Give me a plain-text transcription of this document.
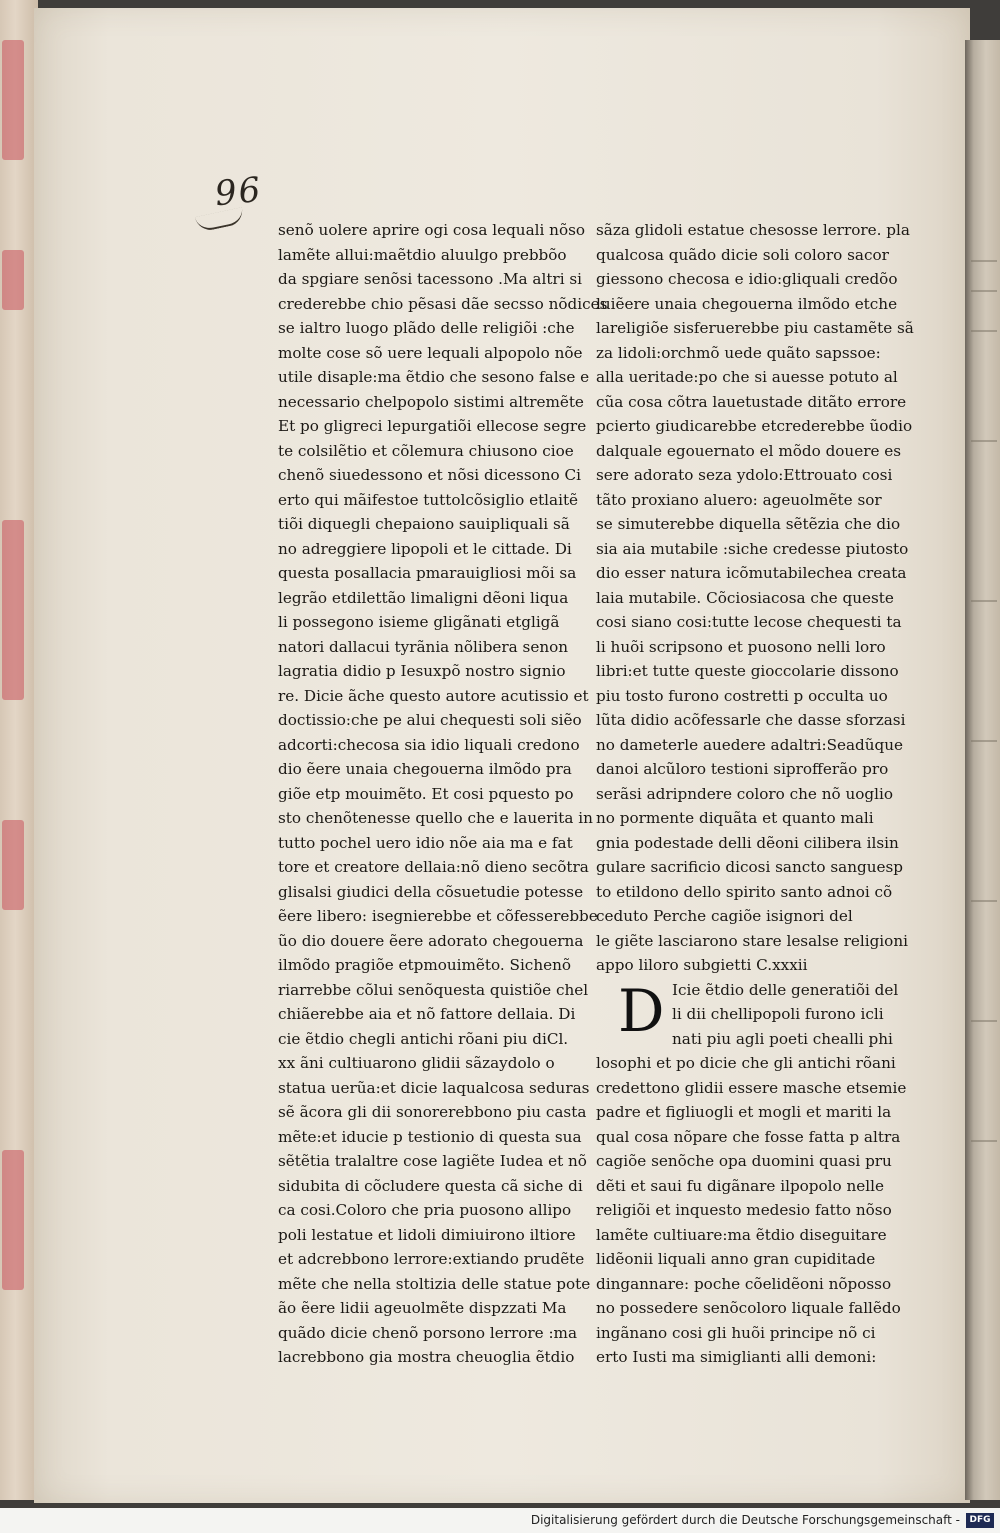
96
senõ uolere aprire ogi cosa lequali nõso
lamẽte allui:maẽtdio aluulgo prebbõo
da spgiare senõsi tacessono .Ma altri si
crederebbe chio pẽsasi dãe secsso nõdices
se ialtro luogo plãdo delle religiõi :che
molte cose sõ uere lequali alpopolo nõe
utile disaple:ma ẽtdio che sesono false e
necessario chelpopolo sistimi altremẽte
Et po gligreci lepurgatiõi ellecose segre
te colsilẽtio et cõlemura chiusono cioe
chenõ siuedessono et nõsi dicessono Ci
erto qui mãifestoe tuttolcõsiglio etlaitẽ
tiõi diquegli chepaiono sauipliquali sã
no adreggiere lipopoli et le cittade. Di
questa posallacia pmarauigliosi mõi sa
legrão etdilettão limaligni dẽoni liqua
li possegono isieme gligãnati etgligã
natori dallacui tyrãnia nõlibera senon
lagratia didio p Iesuxpõ nostro signio
re. Dicie ãche questo autore acutissio et
doctissio:che pe alui chequesti soli siẽo
adcorti:checosa sia idio liquali credono
dio ẽere unaia chegouerna ilmõdo pra
giõe etp mouimẽto. Et cosi pquesto po
sto chenõtenesse quello che e lauerita in
tutto pochel uero idio nõe aia ma e fat
tore et creatore dellaia:nõ dieno secõtra
glisalsi giudici della cõsuetudie potesse
ẽere libero: isegnierebbe et cõfesserebbe
ũo dio douere ẽere adorato chegouerna
ilmõdo pragiõe etpmouimẽto. Sichenõ
riarrebbe cõlui senõquesta quistiõe chel
chiãerebbe aia et nõ fattore dellaia. Di
cie ẽtdio chegli antichi rõani piu diCl.
xx ãni cultiuarono glidii sãzaydolo o
statua uerũa:et dicie laqualcosa seduras
sẽ ãcora gli dii sonorerebbono piu casta
mẽte:et iducie p testionio di questa sua
sẽtẽtia tralaltre cose lagiẽte Iudea et nõ
sidubita di cõcludere questa cã siche di
ca cosi.Coloro che pria puosono allipo
poli lestatue et lidoli dimiuirono iltiore
et adcrebbono lerrore:extiando prudẽte
mẽte che nella stoltizia delle statue pote
ão ẽere lidii ageuolmẽte dispzzati Ma
quãdo dicie chenõ porsono lerrore :ma
lacrebbono gia mostra cheuoglia ẽtdio
sãza glidoli estatue chesosse lerrore. pla
qualcosa quãdo dicie soli coloro sacor
giessono checosa e idio:gliquali credõo
luiẽere unaia chegouerna ilmõdo etche
lareligiõe sisferuerebbe piu castamẽte sã
za lidoli:orchmõ uede quãto sapssoe:
alla ueritade:po che si auesse potuto al
cũa cosa cõtra lauetustade ditãto errore
pcierto giudicarebbe etcrederebbe ũodio
dalquale egouernato el mõdo douere es
sere adorato seza ydolo:Ettrouato cosi
tãto proxiano aluero: ageuolmẽte sor
se simuterebbe diquella sẽtẽzia che dio
sia aia mutabile :siche credesse piutosto
dio esser natura icõmutabilechea creata
laia mutabile. Cõciosiacosa che queste
cosi siano cosi:tutte lecose chequesti ta
li huõi scripsono et puosono nelli loro
libri:et tutte queste gioccolarie dissono
piu tosto furono costretti p occulta uo
lũta didio acõfessarle che dasse sforzasi
no dameterle auedere adaltri:Seadũque
danoi alcũloro testioni siprofferão pro
serãsi adripndere coloro che nõ uoglio
no pormente diquãta et quanto mali
gnia podestade delli dẽoni cilibera ilsin
gulare sacrificio dicosi sancto sanguesp
to etildono dello spirito santo adnoi cõ
ceduto Perche cagiõe isignori del
le giẽte lasciarono stare lesalse religioni
appo liloro subgietti C.xxxii
D Icie ẽtdio delle generatiõi del
li dii chellipopoli furono icli
nati piu agli poeti chealli phi
losophi et po dicie che gli antichi rõani
credettono glidii essere masche etsemie
padre et figliuogli et mogli et mariti la
qual cosa nõpare che fosse fatta p altra
cagiõe senõche opa duomini quasi pru
dẽti et saui fu digãnare ilpopolo nelle
religiõi et inquesto medesio fatto nõso
lamẽte cultiuare:ma ẽtdio diseguitare
lidẽonii liquali anno gran cupiditade
dingannare: poche cõelidẽoni nõposso
no possedere senõcoloro liquale fallẽdo
ingãnano cosi gli huõi principe nõ ci
erto Iusti ma simiglianti alli demoni:
Digitalisierung gefördert durch die Deutsche Forschungsgemeinschaft -	DFG
